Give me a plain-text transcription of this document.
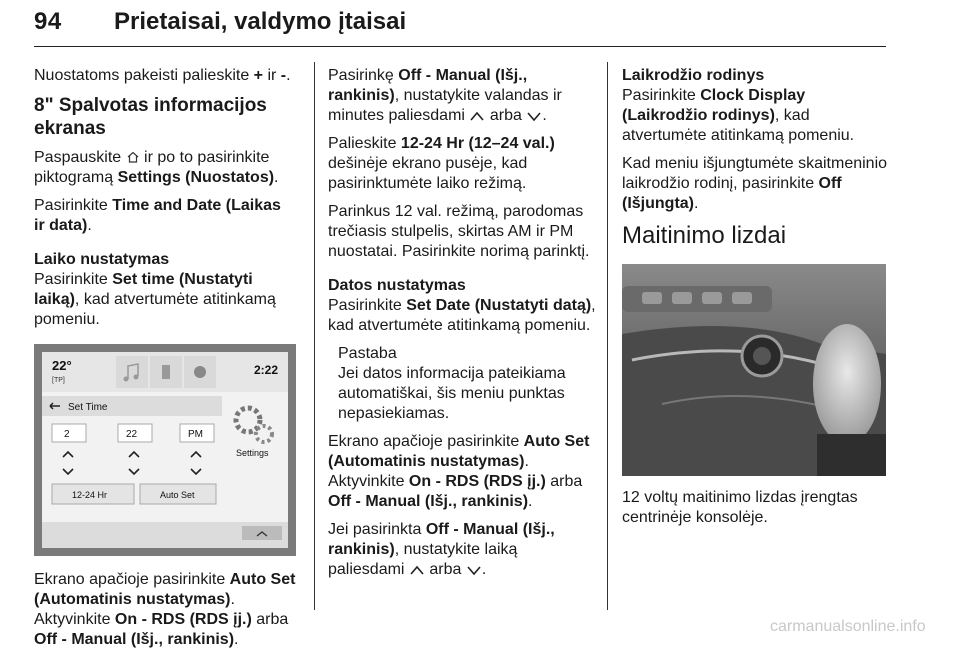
94 Prietaisai, valdymo įtaisai

Nuostatoms pakeisti palieskite + ir -.

8" Spalvotas informacijos ekranas

Paspauskite  ir po to pasirinkite piktogramą Settings (Nuostatos).

Pasirinkite Time and Date (Laikas ir data).

Laiko nustatymas

Pasirinkite Set time (Nustatyti laiką), kad atvertumėte atitinkamą pomeniu.

22°
[TP]
2:22
Set Time
2	22	PM
12-24 Hr	Auto Set
Settings

Ekrano apačioje pasirinkite Auto Set (Automatinis nustatymas).
Aktyvinkite On - RDS (RDS įj.) arba
Off - Manual (Išj., rankinis).

Pasirinkę Off - Manual (Išj., rankinis), nustatykite valandas ir minutes paliesdami  arba .

Palieskite 12-24 Hr (12–24 val.) dešinėje ekrano pusėje, kad pasirinktumėte laiko režimą.

Parinkus 12 val. režimą, parodomas trečiasis stulpelis, skirtas AM ir PM nuostatai. Pasirinkite norimą parinktį.

Datos nustatymas

Pasirinkite Set Date (Nustatyti datą), kad atvertumėte atitinkamą pomeniu.

Pastaba
Jei datos informacija pateikiama automatiškai, šis meniu punktas nepasiekiamas.

Ekrano apačioje pasirinkite Auto Set (Automatinis nustatymas).
Aktyvinkite On - RDS (RDS įj.) arba
Off - Manual (Išj., rankinis).

Jei pasirinkta Off - Manual (Išj., rankinis), nustatykite laiką paliesdami  arba .

Laikrodžio rodinys

Pasirinkite Clock Display (Laikrodžio rodinys), kad atvertumėte atitinkamą pomeniu.

Kad meniu išjungtumėte skaitmeninio laikrodžio rodinį, pasirinkite Off (Išjungta).

Maitinimo lizdai

12 voltų maitinimo lizdas įrengtas centrinėje konsolėje.

carmanualsonline.info
